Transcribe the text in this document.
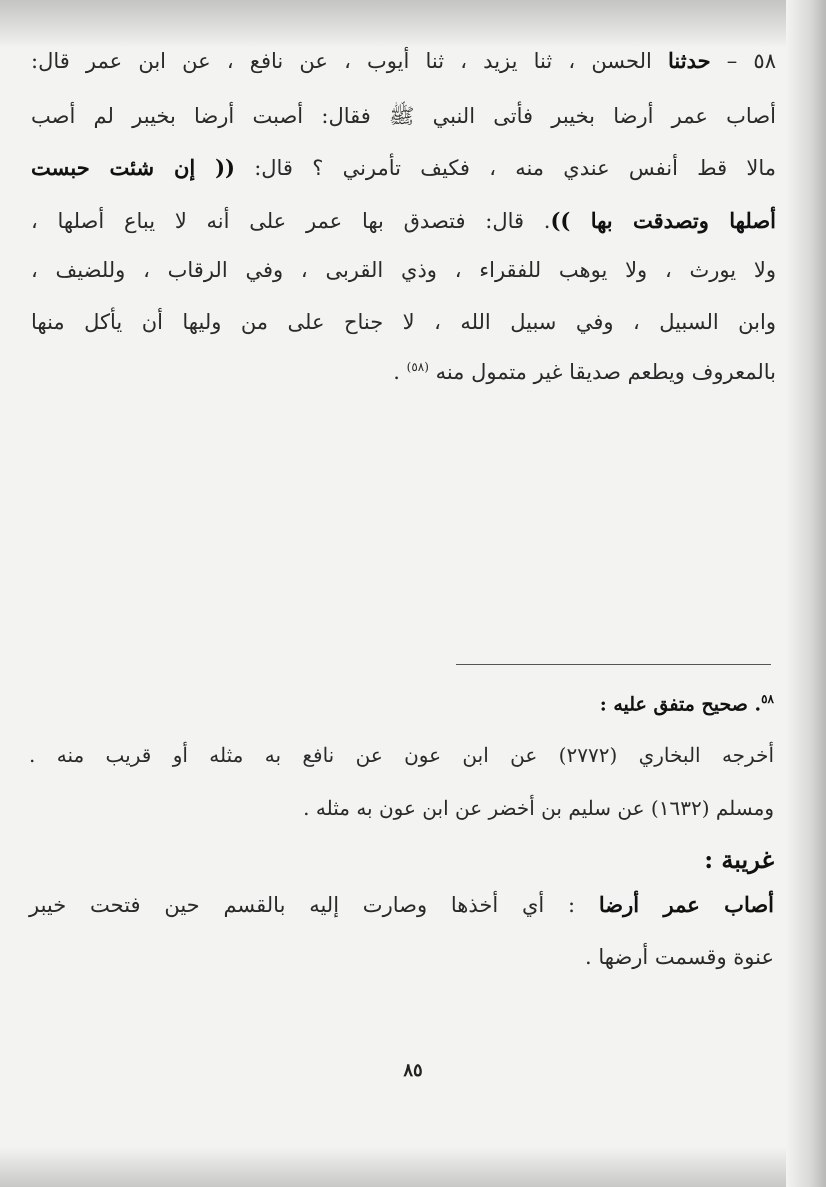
٥٨ – حدثنا الحسن ، ثنا يزيد ، ثنا أيوب ، عن نافع ، عن ابن عمر قال:
أصاب عمر أرضا بخيبر فأتى النبي ﷺ فقال: أصبت أرضا بخيبر لم أصب
مالا قط أنفس عندي منه ، فكيف تأمرني ؟ قال: (( إن شئت حبست
أصلها وتصدقت بها )). قال: فتصدق بها عمر على أنه لا يباع أصلها ،
ولا يورث ، ولا يوهب للفقراء ، وذي القربى ، وفي الرقاب ، وللضيف ،
وابن السبيل ، وفي سبيل الله ، لا جناح على من وليها أن يأكل منها
بالمعروف ويطعم صديقا غير متمول منه $^{(٥٨)}$ .
$^{٥٨}$. صحيح متفق عليه :
أخرجه البخاري (٢٧٧٢) عن ابن عون عن نافع به مثله أو قريب منه .
ومسلم (١٦٣٢) عن سليم بن أخضر عن ابن عون به مثله .
غريبة :
أصاب عمر أرضا : أي أخذها وصارت إليه بالقسم حين فتحت خيبر
عنوة وقسمت أرضها .
٨٥
